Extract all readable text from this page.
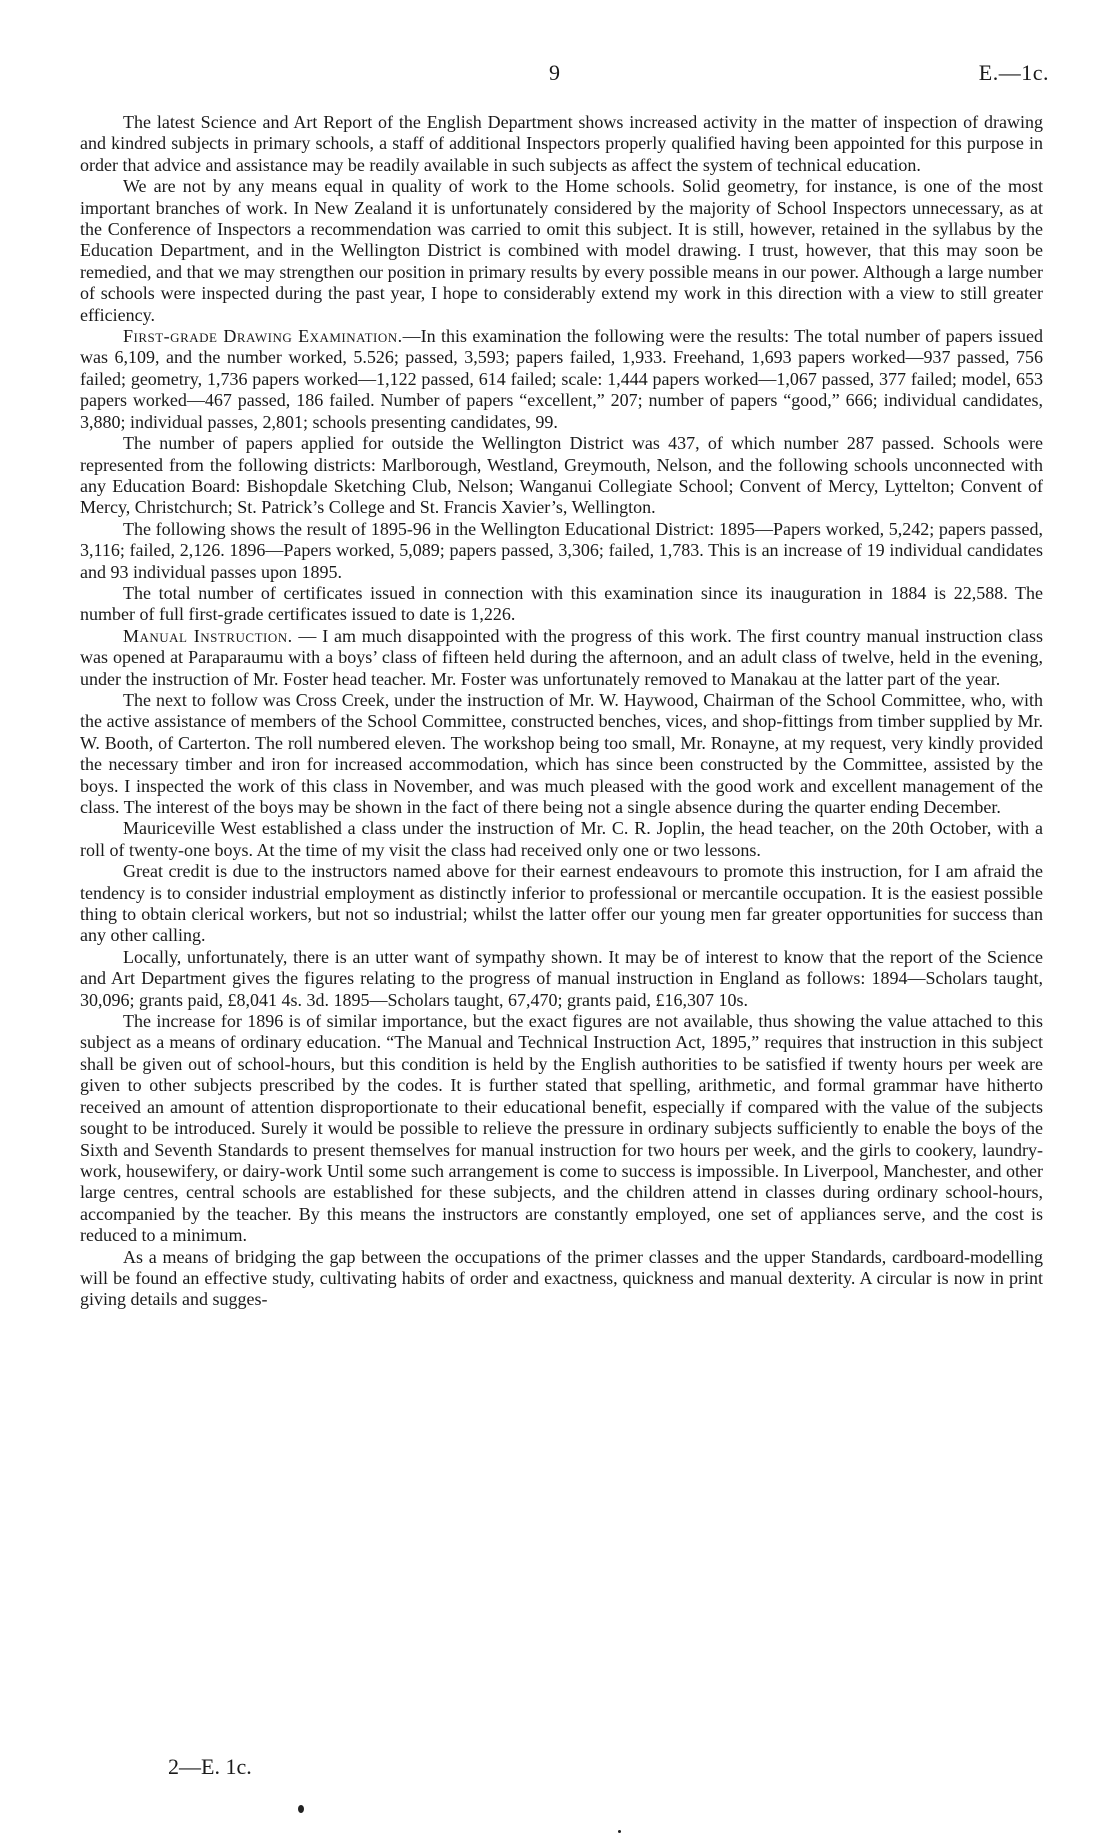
9	E.—1c.

The latest Science and Art Report of the English Department shows increased activity in the matter of inspection of drawing and kindred subjects in primary schools, a staff of additional Inspectors properly qualified having been appointed for this purpose in order that advice and assistance may be readily available in such subjects as affect the system of technical education.

We are not by any means equal in quality of work to the Home schools. Solid geometry, for instance, is one of the most important branches of work. In New Zealand it is unfortunately considered by the majority of School Inspectors unnecessary, as at the Conference of Inspectors a recommendation was carried to omit this subject. It is still, however, retained in the syllabus by the Education Department, and in the Wellington District is combined with model drawing. I trust, however, that this may soon be remedied, and that we may strengthen our position in primary results by every possible means in our power. Although a large number of schools were inspected during the past year, I hope to considerably extend my work in this direction with a view to still greater efficiency.

First-grade Drawing Examination.—In this examination the following were the results: The total number of papers issued was 6,109, and the number worked, 5.526; passed, 3,593; papers failed, 1,933. Freehand, 1,693 papers worked—937 passed, 756 failed; geometry, 1,736 papers worked—1,122 passed, 614 failed; scale: 1,444 papers worked—1,067 passed, 377 failed; model, 653 papers worked—467 passed, 186 failed. Number of papers “excellent,” 207; number of papers “good,” 666; individual candidates, 3,880; individual passes, 2,801; schools presenting candidates, 99.

The number of papers applied for outside the Wellington District was 437, of which number 287 passed. Schools were represented from the following districts: Marlborough, Westland, Greymouth, Nelson, and the following schools unconnected with any Education Board: Bishopdale Sketching Club, Nelson; Wanganui Collegiate School; Convent of Mercy, Lyttelton; Convent of Mercy, Christchurch; St. Patrick’s College and St. Francis Xavier’s, Wellington.

The following shows the result of 1895-96 in the Wellington Educational District: 1895—Papers worked, 5,242; papers passed, 3,116; failed, 2,126. 1896—Papers worked, 5,089; papers passed, 3,306; failed, 1,783. This is an increase of 19 individual candidates and 93 individual passes upon 1895.

The total number of certificates issued in connection with this examination since its inauguration in 1884 is 22,588. The number of full first-grade certificates issued to date is 1,226.

Manual Instruction. — I am much disappointed with the progress of this work. The first country manual instruction class was opened at Paraparaumu with a boys’ class of fifteen held during the afternoon, and an adult class of twelve, held in the evening, under the instruction of Mr. Foster head teacher. Mr. Foster was unfortunately removed to Manakau at the latter part of the year.

The next to follow was Cross Creek, under the instruction of Mr. W. Haywood, Chairman of the School Committee, who, with the active assistance of members of the School Committee, constructed benches, vices, and shop-fittings from timber supplied by Mr. W. Booth, of Carterton. The roll numbered eleven. The workshop being too small, Mr. Ronayne, at my request, very kindly provided the necessary timber and iron for increased accommodation, which has since been constructed by the Committee, assisted by the boys. I inspected the work of this class in November, and was much pleased with the good work and excellent management of the class. The interest of the boys may be shown in the fact of there being not a single absence during the quarter ending December.

Mauriceville West established a class under the instruction of Mr. C. R. Joplin, the head teacher, on the 20th October, with a roll of twenty-one boys. At the time of my visit the class had received only one or two lessons.

Great credit is due to the instructors named above for their earnest endeavours to promote this instruction, for I am afraid the tendency is to consider industrial employment as distinctly inferior to professional or mercantile occupation. It is the easiest possible thing to obtain clerical workers, but not so industrial; whilst the latter offer our young men far greater opportunities for success than any other calling.

Locally, unfortunately, there is an utter want of sympathy shown. It may be of interest to know that the report of the Science and Art Department gives the figures relating to the progress of manual instruction in England as follows: 1894—Scholars taught, 30,096; grants paid, £8,041 4s. 3d. 1895—Scholars taught, 67,470; grants paid, £16,307 10s.

The increase for 1896 is of similar importance, but the exact figures are not available, thus showing the value attached to this subject as a means of ordinary education. “The Manual and Technical Instruction Act, 1895,” requires that instruction in this subject shall be given out of school-hours, but this condition is held by the English authorities to be satisfied if twenty hours per week are given to other subjects prescribed by the codes. It is further stated that spelling, arithmetic, and formal grammar have hitherto received an amount of attention disproportionate to their educational benefit, especially if compared with the value of the subjects sought to be introduced. Surely it would be possible to relieve the pressure in ordinary subjects sufficiently to enable the boys of the Sixth and Seventh Standards to present themselves for manual instruction for two hours per week, and the girls to cookery, laundry-work, housewifery, or dairy-work Until some such arrangement is come to success is impossible. In Liverpool, Manchester, and other large centres, central schools are established for these subjects, and the children attend in classes during ordinary school-hours, accompanied by the teacher. By this means the instructors are constantly employed, one set of appliances serve, and the cost is reduced to a minimum.

As a means of bridging the gap between the occupations of the primer classes and the upper Standards, cardboard-modelling will be found an effective study, cultivating habits of order and exactness, quickness and manual dexterity. A circular is now in print giving details and sugges-

2—E. 1c.
